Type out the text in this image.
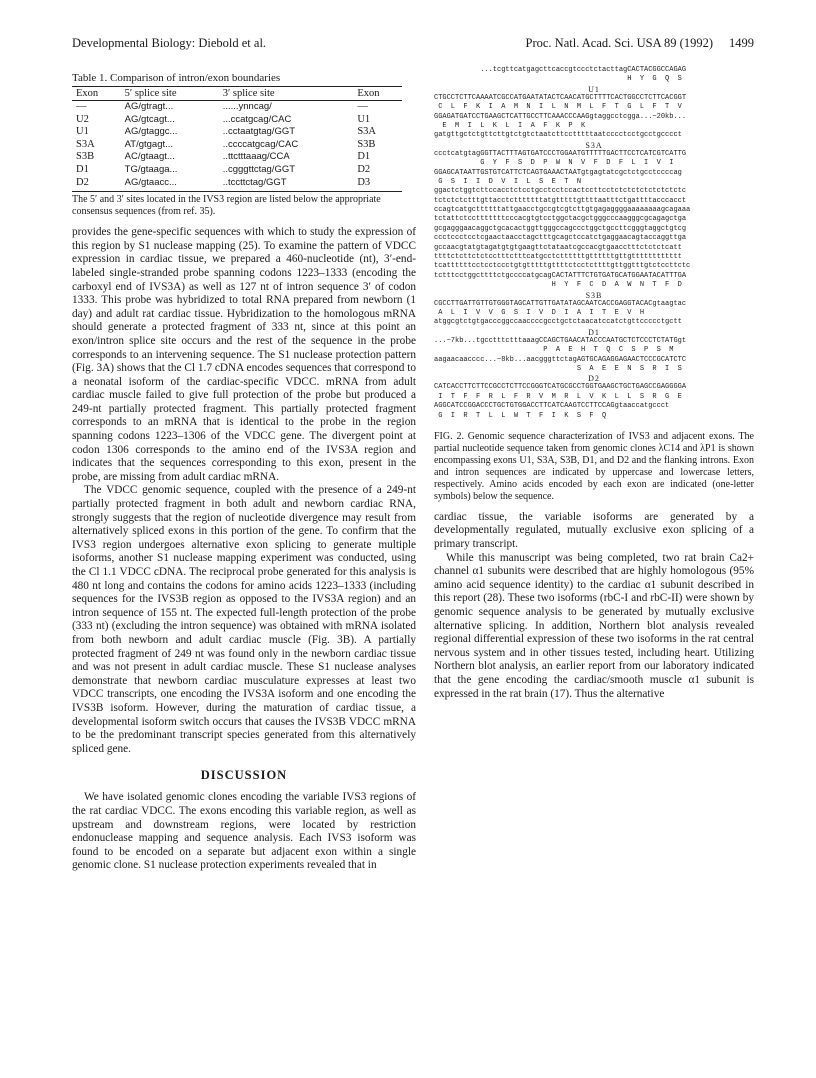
Developmental Biology: Diebold et al.	Proc. Natl. Acad. Sci. USA 89 (1992) 1499
Table 1. Comparison of intron/exon boundaries
Exon	5′ splice site	3′ splice site	Exon
—	AG/gtragt...	......ynncag/	—
U2	AG/gtcagt...	...ccatgcag/CAC	U1
U1	AG/gtaggc...	..cctaatgtag/GGT	S3A
S3A	AT/gtgagt...	..ccccatgcag/CAC	S3B
S3B	AC/gtaagt...	..ttctttaaag/CCA	D1
D1	TG/gtaaga...	..cgggttctag/GGT	D2
D2	AG/gtaacc...	..tccttctag/GGT	D3
The 5′ and 3′ sites located in the IVS3 region are listed below the appropriate consensus sequences (from ref. 35).

provides the gene-specific sequences with which to study the expression of this region by S1 nuclease mapping (25). To examine the pattern of VDCC expression in cardiac tissue, we prepared a 460-nucleotide (nt), 3′-end-labeled single-stranded probe spanning codons 1223–1333 (encoding the carboxyl end of IVS3A) as well as 127 nt of intron sequence 3′ of codon 1333. This probe was hybridized to total RNA prepared from newborn (1 day) and adult rat cardiac tissue. Hybridization to the homologous mRNA should generate a protected fragment of 333 nt, since at this point an exon/intron splice site occurs and the rest of the sequence in the probe corresponds to an intervening sequence. The S1 nuclease protection pattern (Fig. 3A) shows that the Cl 1.7 cDNA encodes sequences that correspond to a neonatal isoform of the cardiac-specific VDCC. mRNA from adult cardiac muscle failed to give full protection of the probe but produced a 249-nt partially protected fragment. This partially protected fragment corresponds to an mRNA that is identical to the probe in the region spanning codons 1223–1306 of the VDCC gene. The divergent point at codon 1306 corresponds to the amino end of the IVS3A region and indicates that the sequences corresponding to this exon, present in the probe, are missing from adult cardiac mRNA.

The VDCC genomic sequence, coupled with the presence of a 249-nt partially protected fragment in both adult and newborn cardiac RNA, strongly suggests that the region of nucleotide divergence may result from alternatively spliced exons in this portion of the gene. To confirm that the IVS3 region undergoes alternative exon splicing to generate multiple isoforms, another S1 nuclease mapping experiment was conducted, using the Cl 1.1 VDCC cDNA. The reciprocal probe generated for this analysis is 480 nt long and contains the codons for amino acids 1223–1333 (including sequences for the IVS3B region as opposed to the IVS3A region) and an intron sequence of 155 nt. The expected full-length protection of the probe (333 nt) (excluding the intron sequence) was obtained with mRNA isolated from both newborn and adult cardiac muscle (Fig. 3B). A partially protected fragment of 249 nt was found only in the newborn cardiac tissue and was not present in adult cardiac muscle. These S1 nuclease analyses demonstrate that newborn cardiac musculature expresses at least two VDCC transcripts, one encoding the IVS3A isoform and one encoding the IVS3B isoform. However, during the maturation of cardiac tissue, a developmental isoform switch occurs that causes the IVS3B VDCC mRNA to be the predominant transcript species generated from this alternatively spliced gene.

DISCUSSION

We have isolated genomic clones encoding the variable IVS3 regions of the rat cardiac VDCC. The exons encoding this variable region, as well as upstream and downstream regions, were located by restriction endonuclease mapping and sequence analysis. Each IVS3 isoform was found to be encoded on a separate but adjacent exon within a single genomic clone. S1 nuclease protection experiments revealed that in

...tcgttcatgagcttcaccgtccctctacttagCACTACGGCCAGAG
H  Y  G  Q  S
U1
CTGCCTCTTCAAAATCGCCATGAATATACTCAACATGCTTTTCACTGGCCTCTTCACGGT
C  L  F  K  I  A  M  N  I  L  N  M  L  F  T  G  L  F  T  V
GGAGATGATCCTGAAGCTCATTGCCTTCAAACCCAAGgtaggcctcgga...~20kb...
E  M  I  L  K  L  I  A  F  K  P  K
gatgttgctctgttcttgtctgtctaatcttcctttttaatcccctcctgcctgcccct
S3A
ccctcatgtagGGTTACTTTAGTGATCCCTGGAATGTTTTTGACTTCCTCATCGTCATTG
G  Y  F  S  D  P  W  N  V  F  D  F  L  I  V  I
GGAGCATAATTGSTGTCATTCTCAGTGAAACTAATgtgagtatcgctctgcctccccag
G  S  I  I  D  V  I  L  S  E  T  N
ggactctggtcttccacctctcctgcctcctccactccttcctctctctctctctctctc
tctctctctttgttacctctttttttatgtttttgttttaatttctgattttacccacct
ccagtcatgcttttttattgaacctgccgtcgtcttgtgagaggggaaaaaaaagcagaaa
tctattctcctttttttcccacgtgtcctggctacgctgggcccaagggcgcagagctga
gcgagggaacaggctgcacactggttgggccagccctggctgccttcgggtaggctgtcg
ccctccctcctcgaactaacctagctttgcagctccatctgaggaacagtaccaggttga
gccaacgtatgtagatgtgtgaagttctataatcgccacgtgaacctttctctctcatt
ttttctcttctctcctttctttcatgcctcttttttgttttttgttgtttttttttttt
tcattttttcctcctccctgtgtttttgttttctcctcttttgttggtttgtctccttctc
tctttcctggcttttctgccccatgcagCACTATTTCTGTGATGCATGGAATACATTTGA
H  Y  F  C  D  A  W  N  T  F  D
S3B
CGCCTTGATTGTTGTGGGTAGCATTGTTGATATAGCAATCACCGAGGTACACgtaagtac
A  L  I  V  V  G  S  I  V  D  I  A  I  T  E  V  H
atggcgtctgtgacccggccaaccccgcctgctctaacatccatctgttccccctgctt
D1
...~7kb...tgcctttctttaaagCCAGCTGAACATACCCAATGCTCTCCCTCTATGgt
P  A  E  H  T  Q  C  S  P  S  M
aagaacaacccc...~8kb...aacgggttctagAGTGCAGAGGAGAACTCCCGCATCTC
S  A  E  E  N  S  R  I  S
D2
CATCACCTTCTTCCGCCTCTTCCGGGTCATGCGCCTGGTGAAGCTGCTGAGCCGAGGGGA
I  T  F  F  R  L  F  R  V  M  R  L  V  K  L  L  S  R  G  E
AGGCATCCGGACCCTGCTGTGGACCTTCATCAAGTCCTTCCAGgtaaccatgccct
G  I  R  T  L  L  W  T  F  I  K  S  F  Q
FIG. 2. Genomic sequence characterization of IVS3 and adjacent exons. The partial nucleotide sequence taken from genomic clones λC14 and λP1 is shown encompassing exons U1, S3A, S3B, D1, and D2 and the flanking introns. Exon and intron sequences are indicated by uppercase and lowercase letters, respectively. Amino acids encoded by each exon are indicated (one-letter symbols) below the sequence.

cardiac tissue, the variable isoforms are generated by a developmentally regulated, mutually exclusive exon splicing of a primary transcript.

While this manuscript was being completed, two rat brain Ca2+ channel α1 subunits were described that are highly homologous (95% amino acid sequence identity) to the cardiac α1 subunit described in this report (28). These two isoforms (rbC-I and rbC-II) were shown by genomic sequence analysis to be generated by mutually exclusive alternative splicing. In addition, Northern blot analysis revealed regional differential expression of these two isoforms in the rat central nervous system and in other tissues tested, including heart. Utilizing Northern blot analysis, an earlier report from our laboratory indicated that the gene encoding the cardiac/smooth muscle α1 subunit is expressed in the rat brain (17). Thus the alternative
